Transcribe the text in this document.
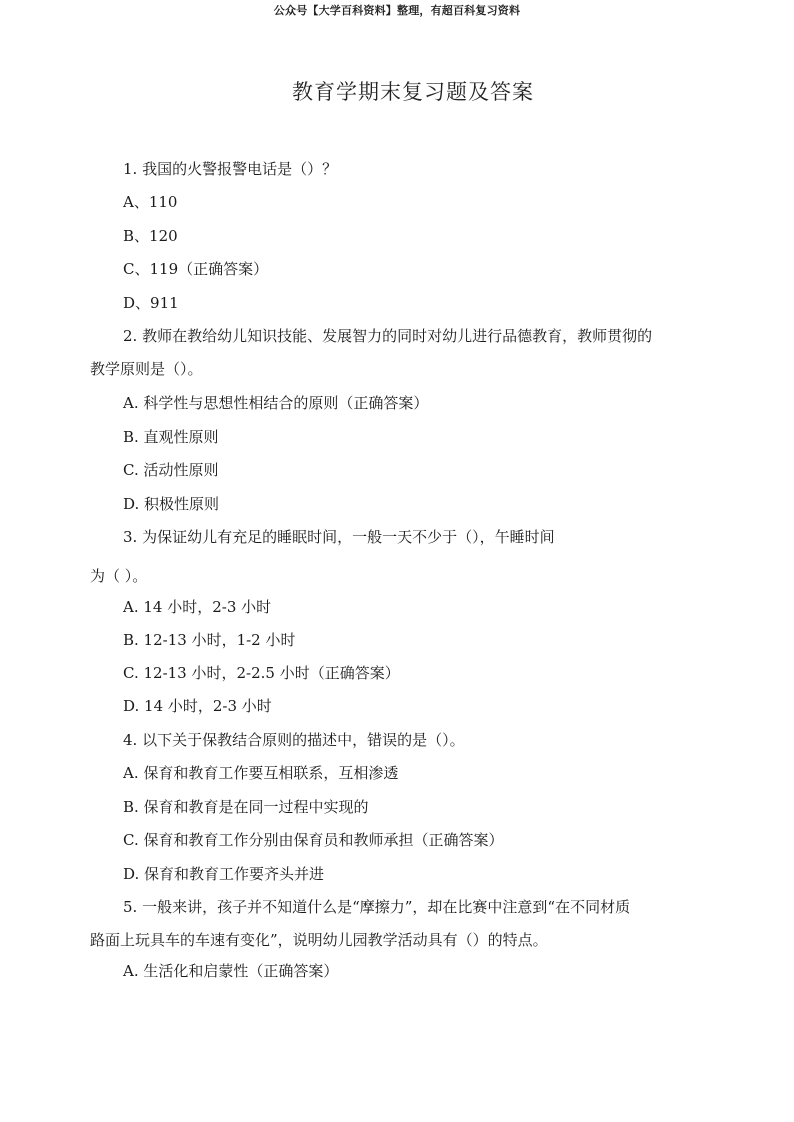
公众号【大学百科资料】整理，有超百科复习资料
教育学期末复习题及答案
1. 我国的火警报警电话是（）？
A、110
B、120
C、119（正确答案）
D、911
2. 教师在教给幼儿知识技能、发展智力的同时对幼儿进行品德教育，教师贯彻的
教学原则是（）。
A. 科学性与思想性相结合的原则（正确答案）
B. 直观性原则
C. 活动性原则
D. 积极性原则
3. 为保证幼儿有充足的睡眠时间，一般一天不少于（），午睡时间
为（ ）。
A. 14 小时，2-3 小时
B. 12-13 小时，1-2 小时
C. 12-13 小时，2-2.5 小时（正确答案）
D. 14 小时，2-3 小时
4. 以下关于保教结合原则的描述中，错误的是（）。
A. 保育和教育工作要互相联系，互相渗透
B. 保育和教育是在同一过程中实现的
C. 保育和教育工作分别由保育员和教师承担（正确答案）
D. 保育和教育工作要齐头并进
5. 一般来讲，孩子并不知道什么是“摩擦力”，却在比赛中注意到“在不同材质
路面上玩具车的车速有变化”，说明幼儿园教学活动具有（）的特点。
A. 生活化和启蒙性（正确答案）
